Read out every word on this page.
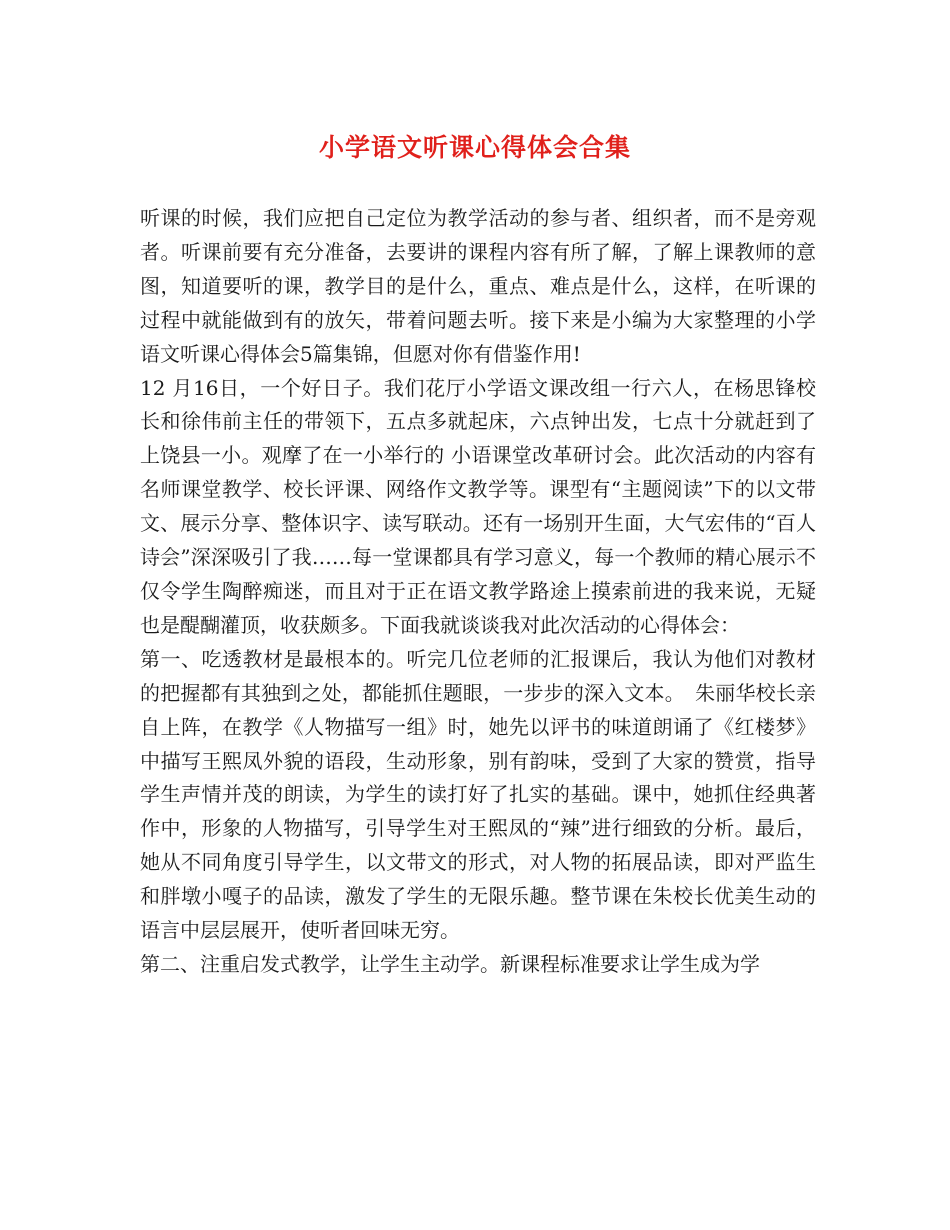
小学语文听课心得体会合集

听课的时候，我们应把自己定位为教学活动的参与者、组织者，而不是旁观者。听课前要有充分准备，去要讲的课程内容有所了解，了解上课教师的意图，知道要听的课，教学目的是什么，重点、难点是什么，这样，在听课的过程中就能做到有的放矢，带着问题去听。接下来是小编为大家整理的小学语文听课心得体会5篇集锦，但愿对你有借鉴作用!

12 月16日，一个好日子。我们花厅小学语文课改组一行六人，在杨思锋校长和徐伟前主任的带领下，五点多就起床，六点钟出发，七点十分就赶到了上饶县一小。观摩了在一小举行的 小语课堂改革研讨会。此次活动的内容有名师课堂教学、校长评课、网络作文教学等。课型有“主题阅读”下的以文带文、展示分享、整体识字、读写联动。还有一场别开生面，大气宏伟的“百人诗会”深深吸引了我……每一堂课都具有学习意义，每一个教师的精心展示不仅令学生陶醉痴迷，而且对于正在语文教学路途上摸索前进的我来说，无疑也是醍醐灌顶，收获颇多。下面我就谈谈我对此次活动的心得体会：

第一、吃透教材是最根本的。听完几位老师的汇报课后，我认为他们对教材的把握都有其独到之处，都能抓住题眼，一步步的深入文本。　朱丽华校长亲自上阵，在教学《人物描写一组》时，她先以评书的味道朗诵了《红楼梦》中描写王熙凤外貌的语段，生动形象，别有韵味，受到了大家的赞赏，指导学生声情并茂的朗读，为学生的读打好了扎实的基础。课中，她抓住经典著作中，形象的人物描写，引导学生对王熙凤的“辣”进行细致的分析。最后，她从不同角度引导学生，以文带文的形式，对人物的拓展品读，即对严监生和胖墩小嘎子的品读，激发了学生的无限乐趣。整节课在朱校长优美生动的语言中层层展开，使听者回味无穷。

第二、注重启发式教学，让学生主动学。新课程标准要求让学生成为学
